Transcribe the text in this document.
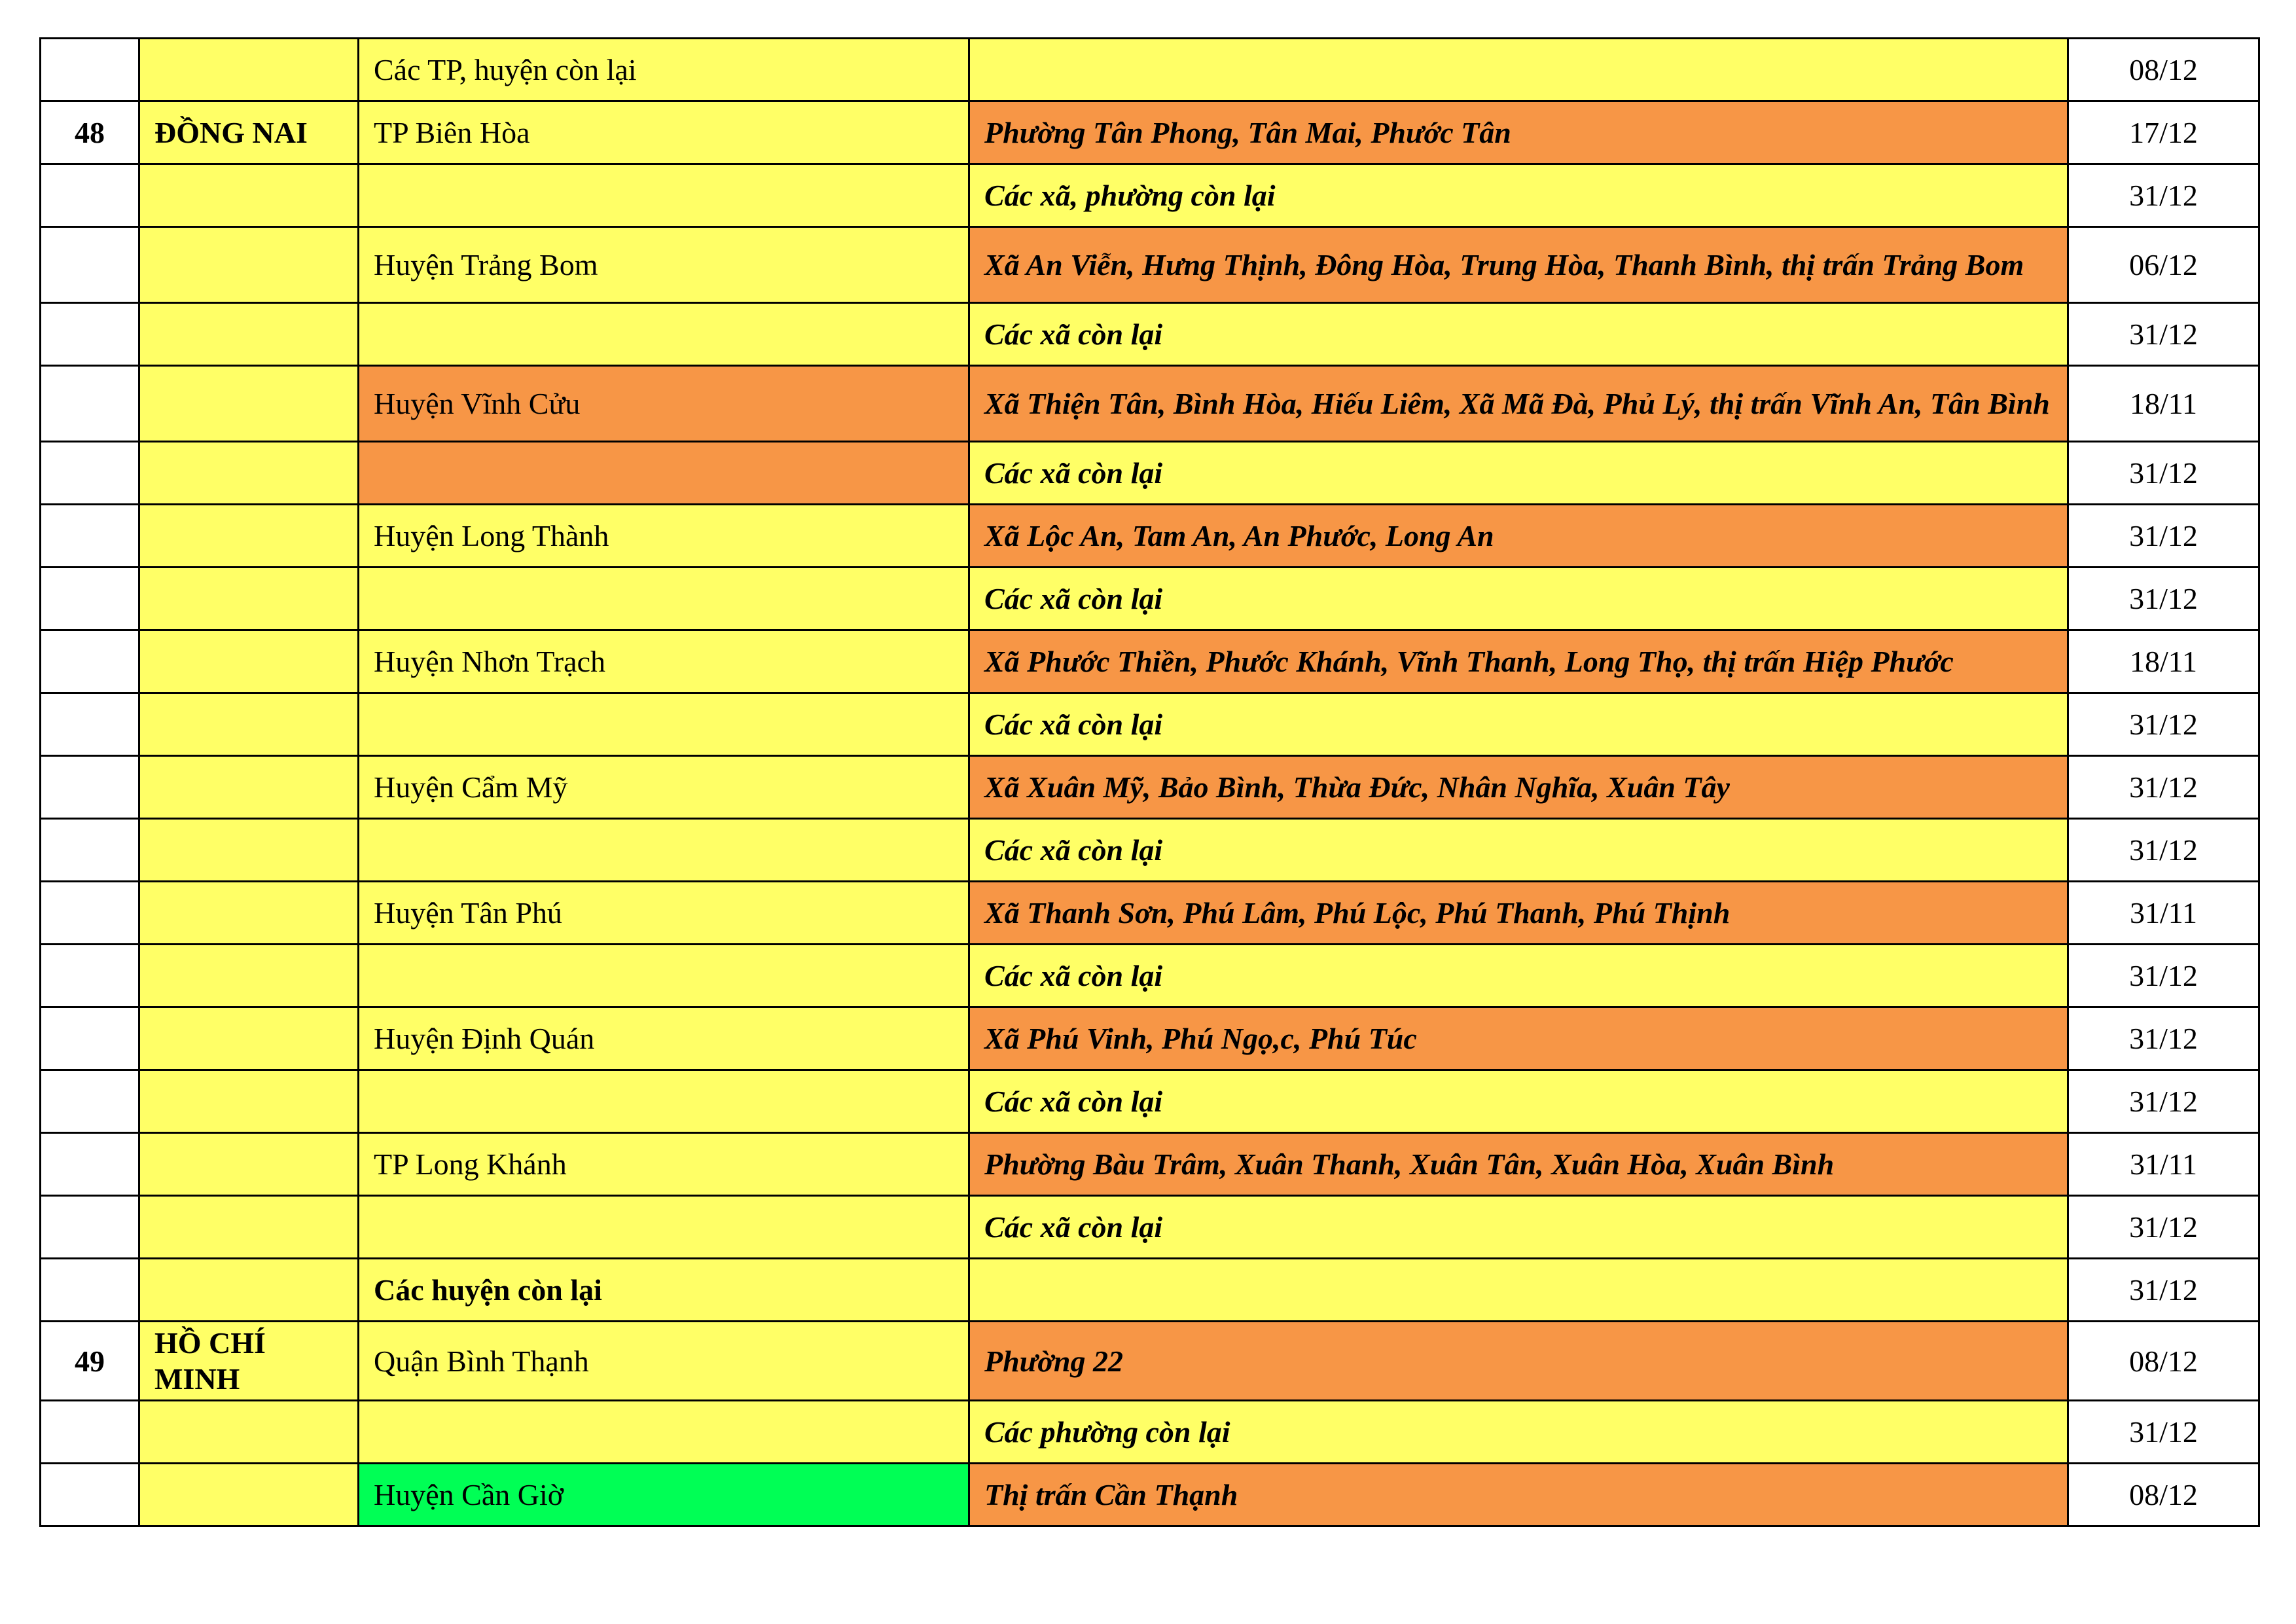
		Các TP, huyện còn lại		08/12
48	ĐỒNG NAI	TP Biên Hòa	Phường Tân Phong, Tân Mai, Phước Tân	17/12
			Các xã, phường còn lại	31/12
		Huyện Trảng Bom	Xã An Viễn, Hưng Thịnh, Đông Hòa, Trung Hòa, Thanh Bình, thị trấn Trảng Bom	06/12
			Các xã còn lại	31/12
		Huyện Vĩnh Cửu	Xã Thiện Tân, Bình Hòa, Hiếu Liêm, Xã Mã Đà, Phủ Lý, thị trấn Vĩnh An, Tân Bình	18/11
			Các xã còn lại	31/12
		Huyện Long Thành	Xã Lộc An, Tam An, An Phước, Long An	31/12
			Các xã còn lại	31/12
		Huyện Nhơn Trạch	Xã Phước Thiền, Phước Khánh, Vĩnh Thanh, Long Thọ, thị trấn Hiệp Phước	18/11
			Các xã còn lại	31/12
		Huyện Cẩm Mỹ	Xã Xuân Mỹ, Bảo Bình, Thừa Đức, Nhân Nghĩa, Xuân Tây	31/12
			Các xã còn lại	31/12
		Huyện Tân Phú	Xã Thanh Sơn, Phú Lâm, Phú Lộc, Phú Thanh, Phú Thịnh	31/11
			Các xã còn lại	31/12
		Huyện Định Quán	Xã Phú Vinh, Phú Ngọ,c, Phú Túc	31/12
			Các xã còn lại	31/12
		TP Long Khánh	Phường Bàu Trâm, Xuân Thanh, Xuân Tân, Xuân Hòa, Xuân Bình	31/11
			Các xã còn lại	31/12
		Các huyện còn lại		31/12
49	HỒ CHÍ MINH	Quận Bình Thạnh	Phường 22	08/12
			Các phường còn lại	31/12
		Huyện Cần Giờ	Thị trấn Cần Thạnh	08/12
